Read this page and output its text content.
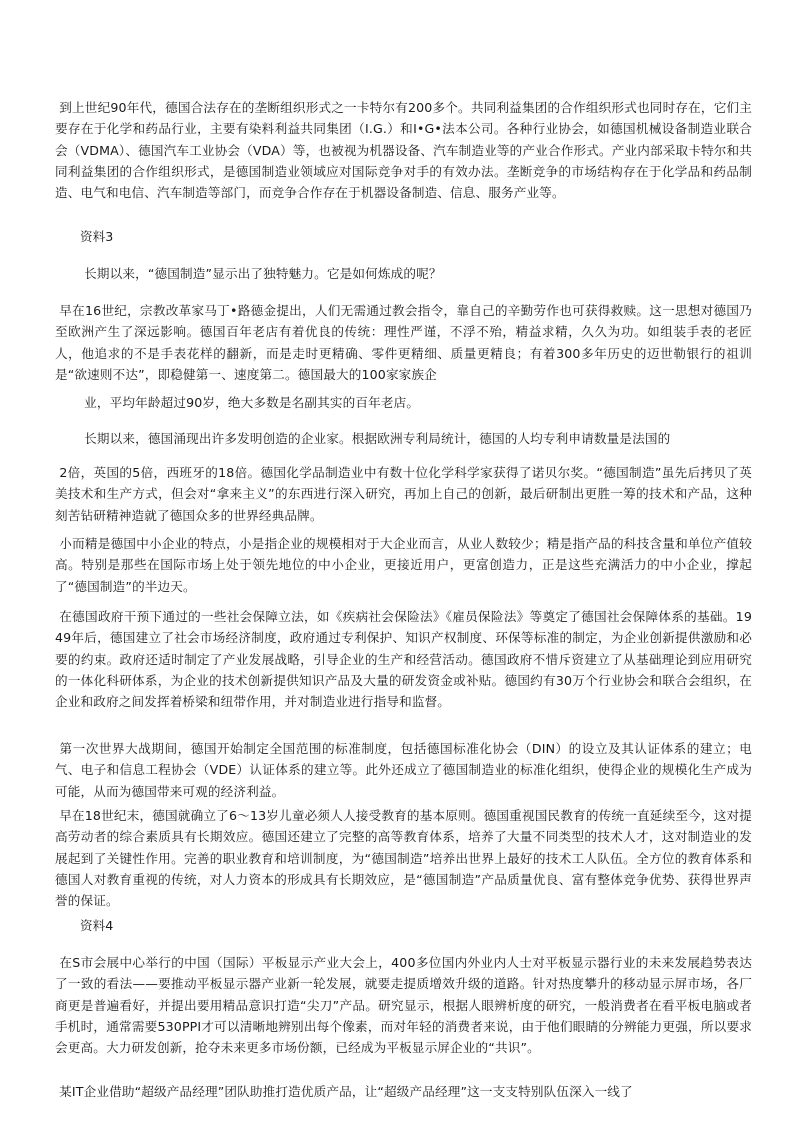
到上世纪90年代，德国合法存在的垄断组织形式之一卡特尔有200多个。共同利益集团的合作组织形式也同时存在，它们主要存在于化学和药品行业，主要有染料利益共同集团（I.G.）和I•G•法本公司。各种行业协会，如德国机械设备制造业联合会（VDMA）、德国汽车工业协会（VDA）等，也被视为机器设备、汽车制造业等的产业合作形式。产业内部采取卡特尔和共同利益集团的合作组织形式，是德国制造业领域应对国际竞争对手的有效办法。垄断竞争的市场结构存在于化学品和药品制造、电气和电信、汽车制造等部门，而竞争合作存在于机器设备制造、信息、服务产业等。

资料3

长期以来，“德国制造”显示出了独特魅力。它是如何炼成的呢？

早在16世纪，宗教改革家马丁•路德金提出，人们无需通过教会指令，靠自己的辛勤劳作也可获得救赎。这一思想对德国乃至欧洲产生了深远影响。德国百年老店有着优良的传统：理性严谨，不浮不殆，精益求精，久久为功。如组装手表的老匠人，他追求的不是手表花样的翻新，而是走时更精确、零件更精细、质量更精良；有着300多年历史的迈世勒银行的祖训是“欲速则不达”，即稳健第一、速度第二。德国最大的100家家族企

业，平均年龄超过90岁，绝大多数是名副其实的百年老店。

长期以来，德国涌现出许多发明创造的企业家。根据欧洲专利局统计，德国的人均专利申请数量是法国的

2倍，英国的5倍，西班牙的18倍。德国化学品制造业中有数十位化学科学家获得了诺贝尔奖。“德国制造”虽先后拷贝了英美技术和生产方式，但会对“拿来主义”的东西进行深入研究，再加上自己的创新，最后研制出更胜一筹的技术和产品，这种刻苦钻研精神造就了德国众多的世界经典品牌。

小而精是德国中小企业的特点，小是指企业的规模相对于大企业而言，从业人数较少；精是指产品的科技含量和单位产值较高。特别是那些在国际市场上处于领先地位的中小企业，更接近用户，更富创造力，正是这些充满活力的中小企业，撑起了“德国制造”的半边天。

在德国政府干预下通过的一些社会保障立法，如《疾病社会保险法》《雇员保险法》等奠定了德国社会保障体系的基础。1949年后，德国建立了社会市场经济制度，政府通过专利保护、知识产权制度、环保等标准的制定，为企业创新提供激励和必要的约束。政府还适时制定了产业发展战略，引导企业的生产和经营活动。德国政府不惜斥资建立了从基础理论到应用研究的一体化科研体系，为企业的技术创新提供知识产品及大量的研发资金或补贴。德国约有30万个行业协会和联合会组织，在企业和政府之间发挥着桥梁和纽带作用，并对制造业进行指导和监督。

第一次世界大战期间，德国开始制定全国范围的标准制度，包括德国标准化协会（DIN）的设立及其认证体系的建立；电气、电子和信息工程协会（VDE）认证体系的建立等。此外还成立了德国制造业的标准化组织，使得企业的规模化生产成为可能，从而为德国带来可观的经济利益。

早在18世纪末，德国就确立了6～13岁儿童必须人人接受教育的基本原则。德国重视国民教育的传统一直延续至今，这对提高劳动者的综合素质具有长期效应。德国还建立了完整的高等教育体系，培养了大量不同类型的技术人才，这对制造业的发展起到了关键性作用。完善的职业教育和培训制度，为“德国制造”培养出世界上最好的技术工人队伍。全方位的教育体系和德国人对教育重视的传统，对人力资本的形成具有长期效应，是“德国制造”产品质量优良、富有整体竞争优势、获得世界声誉的保证。

资料4

在S市会展中心举行的中国（国际）平板显示产业大会上，400多位国内外业内人士对平板显示器行业的未来发展趋势表达了一致的看法——要推动平板显示器产业新一轮发展，就要走提质增效升级的道路。针对热度攀升的移动显示屏市场，各厂商更是普遍看好，并提出要用精品意识打造“尖刀”产品。研究显示，根据人眼辨析度的研究，一般消费者在看平板电脑或者手机时，通常需要530PPI才可以清晰地辨别出每个像素，而对年轻的消费者来说，由于他们眼睛的分辨能力更强，所以要求会更高。大力研发创新，抢夺未来更多市场份额，已经成为平板显示屏企业的“共识”。

某IT企业借助“超级产品经理”团队助推打造优质产品，让“超级产品经理”这一支支特别队伍深入一线了
